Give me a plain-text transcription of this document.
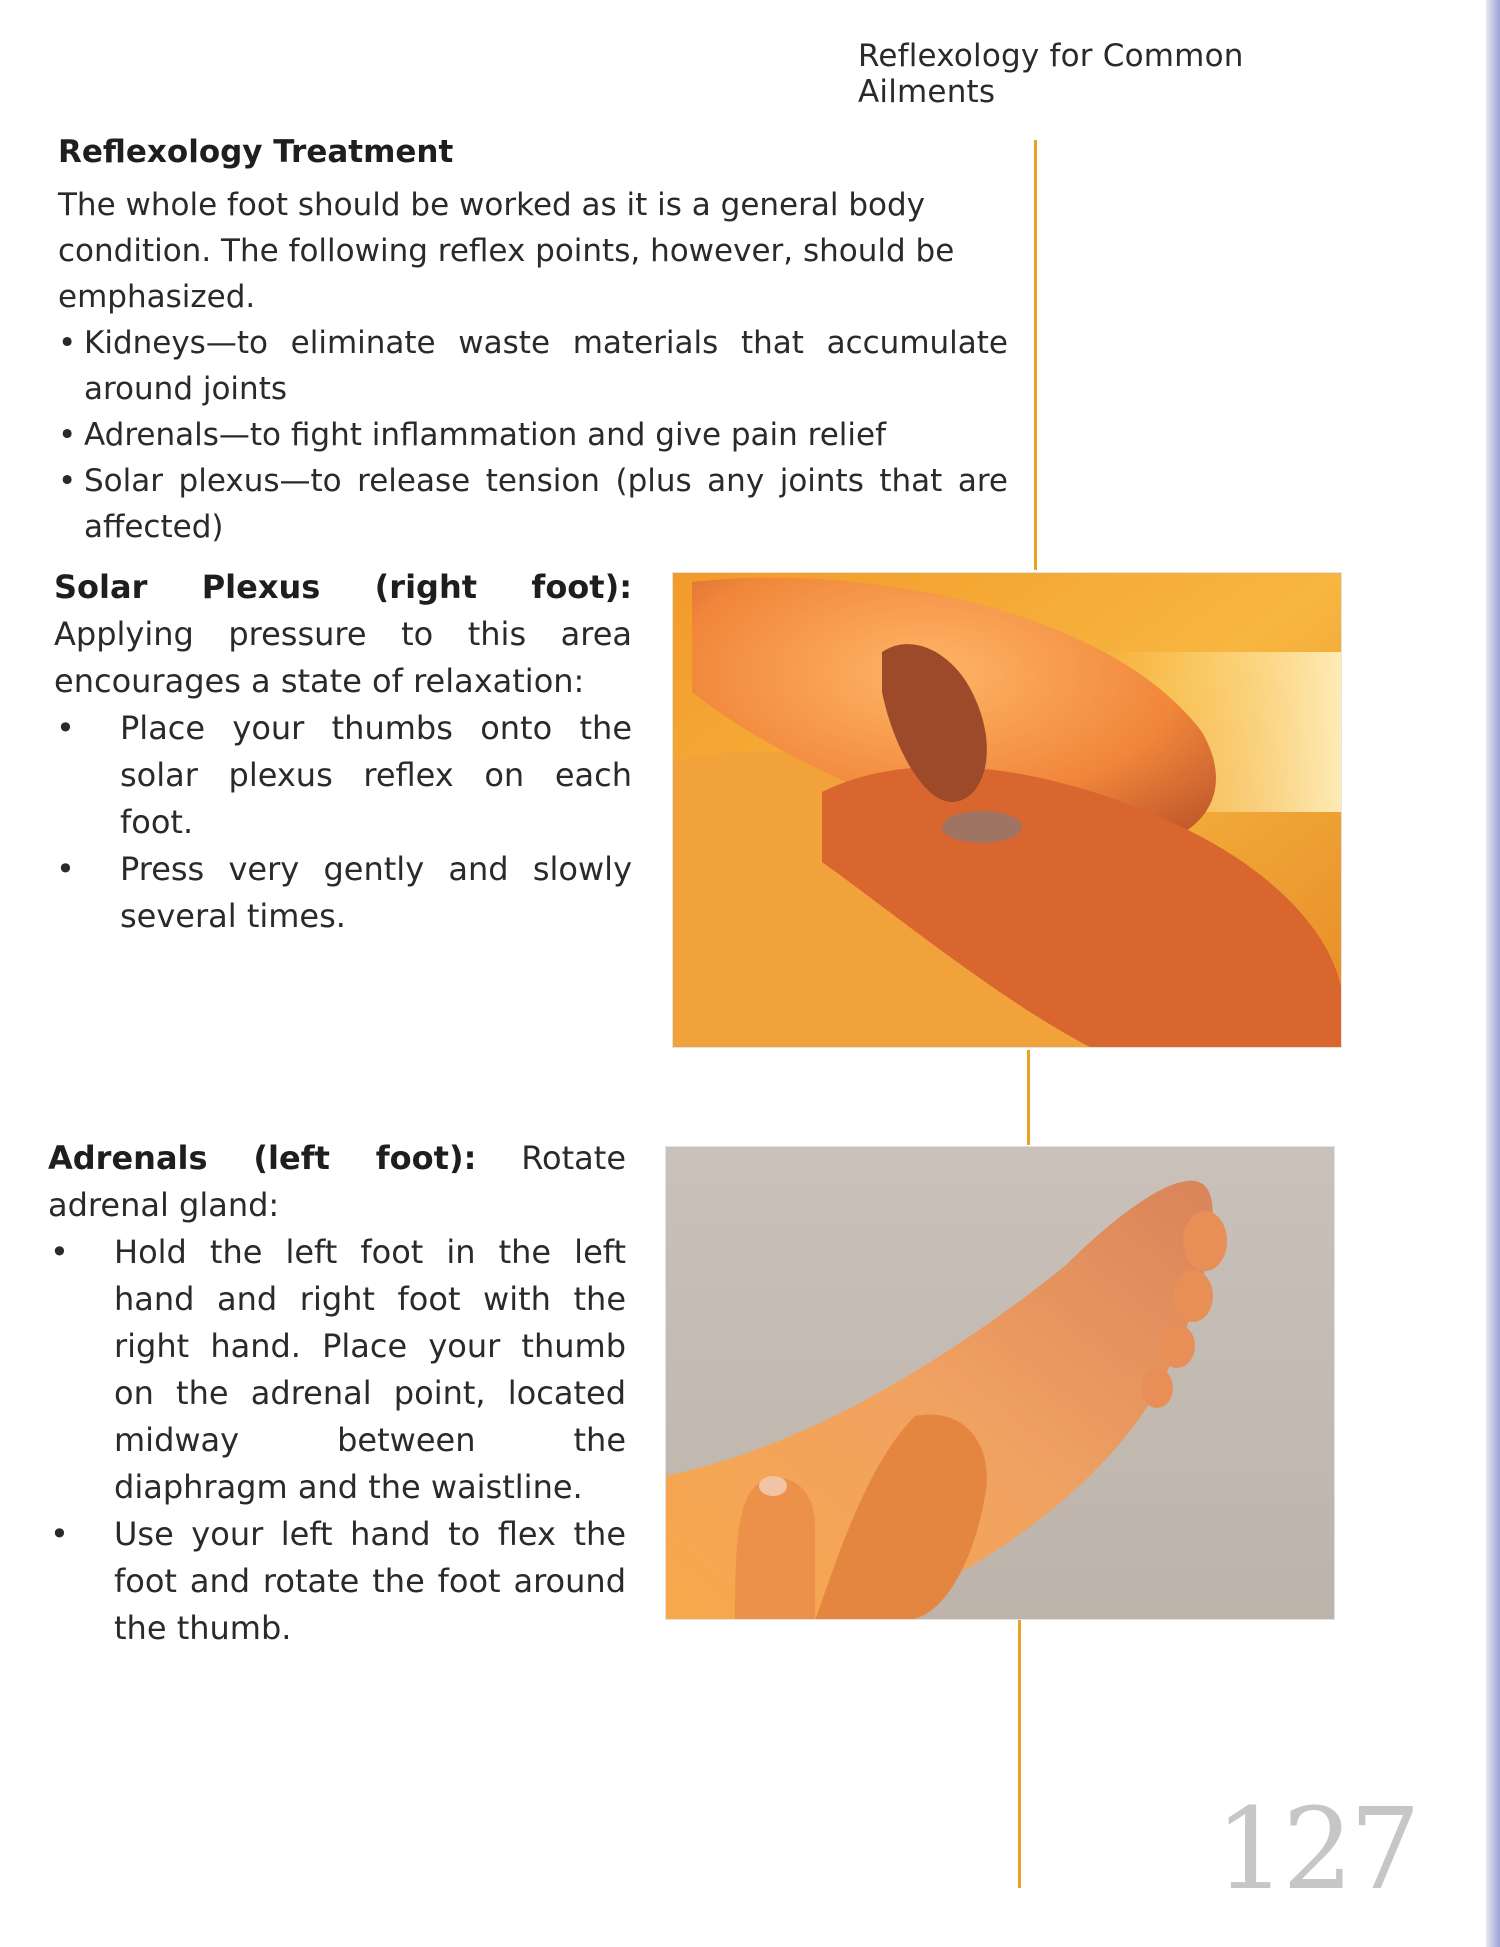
Reflexology for Common Ailments
Reflexology Treatment

The whole foot should be worked as it is a general body condition. The following reflex points, however, should be emphasized.

• Kidneys—to eliminate waste materials that accumulate around joints
• Adrenals—to fight inflammation and give pain relief
• Solar plexus—to release tension (plus any joints that are affected)
Solar Plexus (right foot): Applying pressure to this area encourages a state of relaxation:
• Place your thumbs onto the solar plexus reflex on each foot.
• Press very gently and slowly several times.
Adrenals (left foot): Rotate adrenal gland:
• Hold the left foot in the left hand and right foot with the right hand. Place your thumb on the adrenal point, located midway between the diaphragm and the waistline.
• Use your left hand to flex the foot and rotate the foot around the thumb.
127
